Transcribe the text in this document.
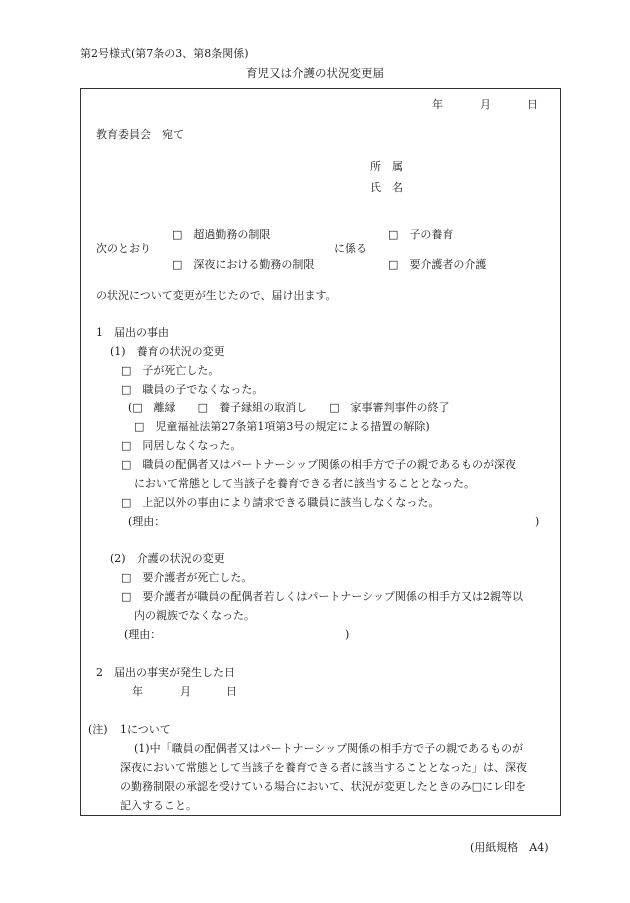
第2号様式(第7条の3、第8条関係)
育児又は介護の状況変更届
年	月	日
教育委員会　宛て
所　属
氏　名
□　超過勤務の制限	□　子の養育
次のとおり	に係る
□　深夜における勤務の制限	□　要介護者の介護
の状況について変更が生じたので、届け出ます。
1　届出の事由
(1)　養育の状況の変更
□　子が死亡した。
□　職員の子でなくなった。
(□　離縁　　□　養子縁組の取消し　　□　家事審判事件の終了
□　児童福祉法第27条第1項第3号の規定による措置の解除)
□　同居しなくなった。
□　職員の配偶者又はパートナーシップ関係の相手方で子の親であるものが深夜
において常態として当該子を養育できる者に該当することとなった。
□　上記以外の事由により請求できる職員に該当しなくなった。
(理由：	)
(2)　介護の状況の変更
□　要介護者が死亡した。
□　要介護者が職員の配偶者若しくはパートナーシップ関係の相手方又は2親等以
内の親族でなくなった。
(理由：	)
2　届出の事実が発生した日
年	月	日
(注) 1について
(1)中「職員の配偶者又はパートナーシップ関係の相手方で子の親であるものが
深夜において常態として当該子を養育できる者に該当することとなった」は、深夜
の勤務制限の承認を受けている場合において、状況が変更したときのみ□にレ印を
記入すること。
(用紙規格　A4)
